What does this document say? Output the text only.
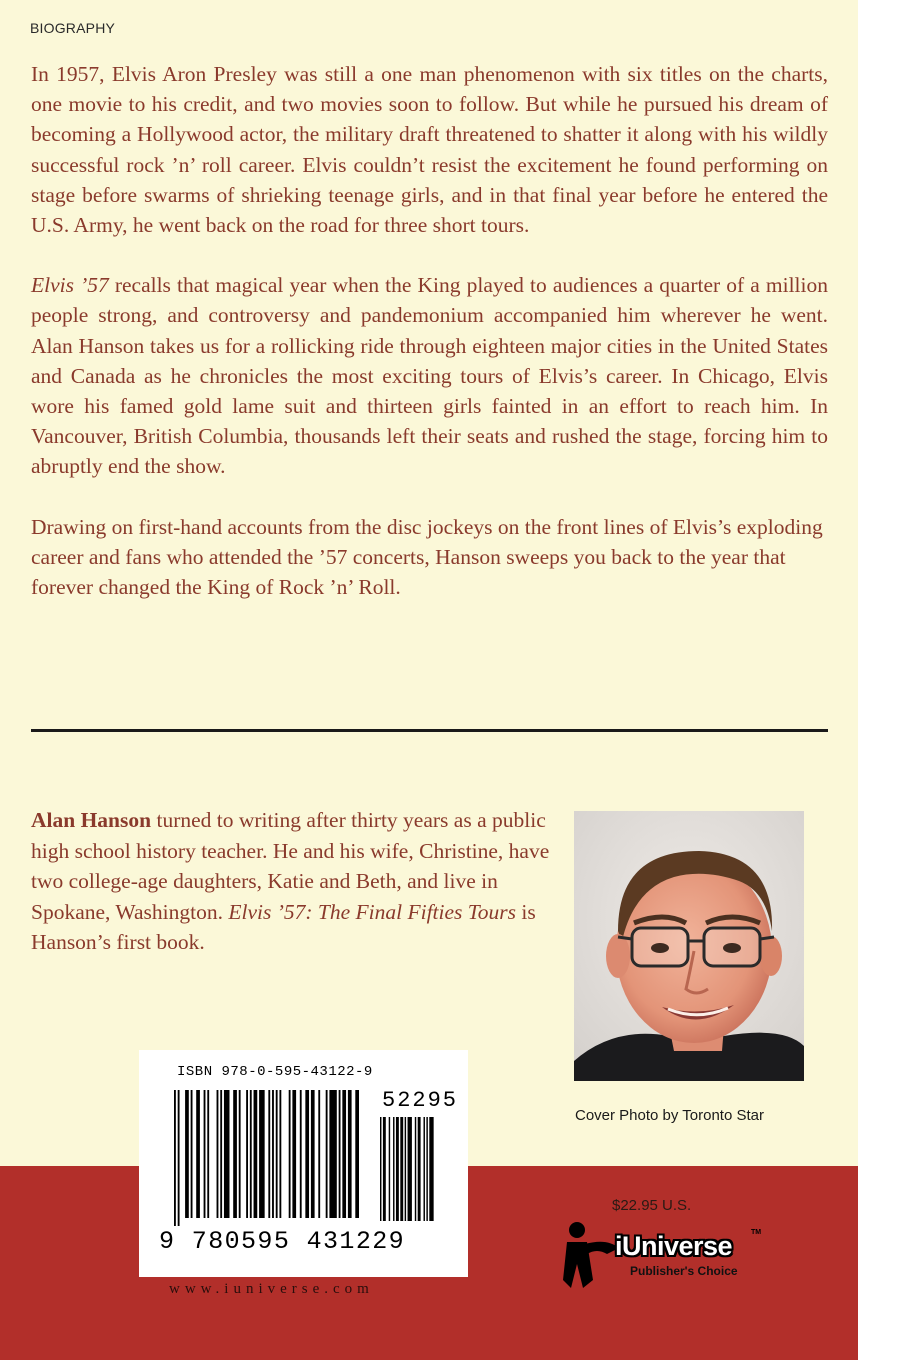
BIOGRAPHY

In 1957, Elvis Aron Presley was still a one man phenomenon with six titles on the charts, one movie to his credit, and two movies soon to follow. But while he pursued his dream of becoming a Hollywood actor, the military draft threatened to shatter it along with his wildly successful rock ’n’ roll career. Elvis couldn’t resist the excitement he found performing on stage before swarms of shrieking teenage girls, and in that final year before he entered the U.S. Army, he went back on the road for three short tours.

Elvis ’57 recalls that magical year when the King played to audiences a quarter of a million people strong, and controversy and pandemonium accompanied him wherever he went. Alan Hanson takes us for a rollicking ride through eighteen major cities in the United States and Canada as he chronicles the most exciting tours of Elvis’s career. In Chicago, Elvis wore his famed gold lame suit and thirteen girls fainted in an effort to reach him. In Vancouver, British Columbia, thousands left their seats and rushed the stage, forcing him to abruptly end the show.

Drawing on first-hand accounts from the disc jockeys on the front lines of Elvis’s exploding career and fans who attended the ’57 concerts, Hanson sweeps you back to the year that forever changed the King of Rock ’n’ Roll.

Alan Hanson turned to writing after thirty years as a public high school history teacher. He and his wife, Christine, have two college-age daughters, Katie and Beth, and live in Spokane, Washington. Elvis ’57: The Final Fifties Tours is Hanson’s first book.
Cover Photo by Toronto Star
ISBN 978-0-595-43122-9
52295
9 780595 431229
www.iuniverse.com
$22.95 U.S.
iUniverse	TM
Publisher's Choice
